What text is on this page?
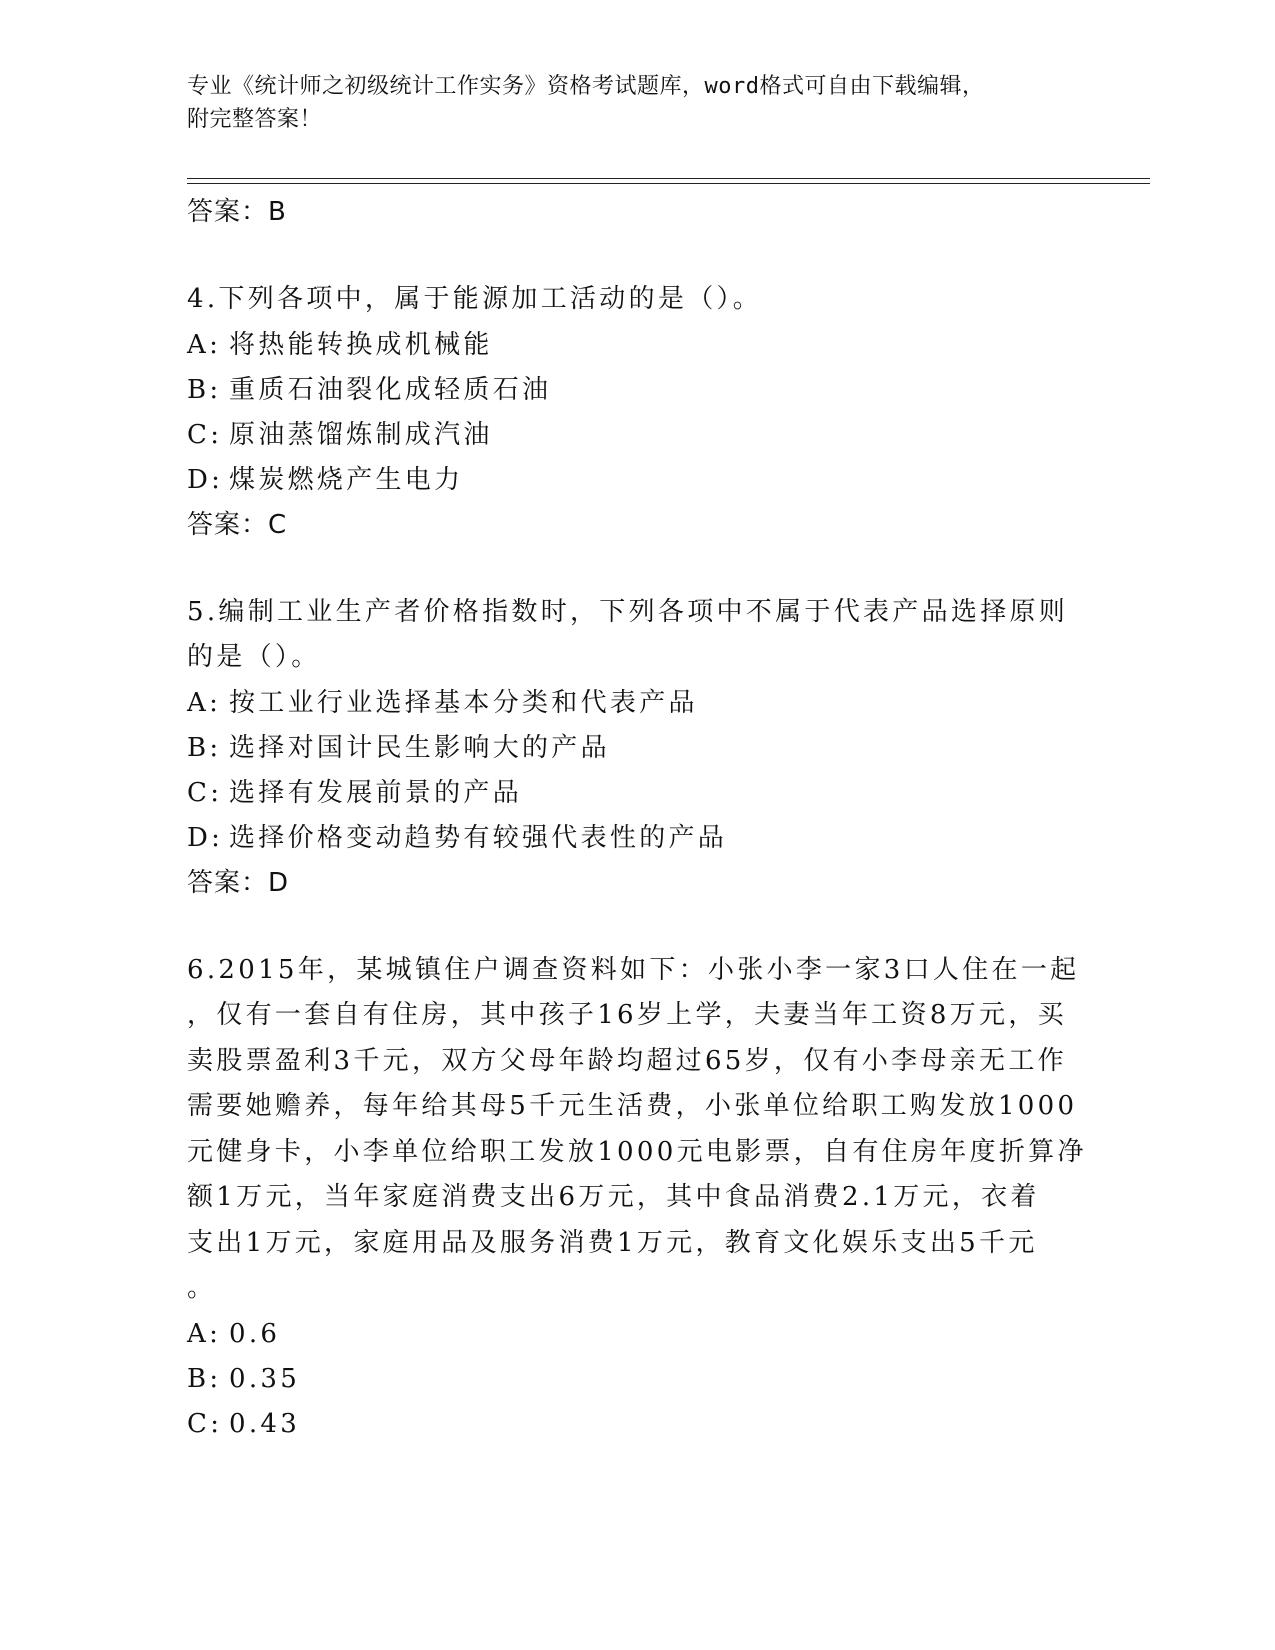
专业《统计师之初级统计工作实务》资格考试题库，word格式可自由下载编辑，
附完整答案！
答案：B

4.下列各项中，属于能源加工活动的是（）。

A: 将热能转换成机械能
B: 重质石油裂化成轻质石油
C: 原油蒸馏炼制成汽油
D: 煤炭燃烧产生电力
答案：C

5.编制工业生产者价格指数时，下列各项中不属于代表产品选择原则
的是（）。

A: 按工业行业选择基本分类和代表产品
B: 选择对国计民生影响大的产品
C: 选择有发展前景的产品
D: 选择价格变动趋势有较强代表性的产品
答案：D

6.2015年，某城镇住户调查资料如下：小张小李一家3口人住在一起
，仅有一套自有住房，其中孩子16岁上学，夫妻当年工资8万元，买
卖股票盈利3千元，双方父母年龄均超过65岁，仅有小李母亲无工作
需要她赡养，每年给其母5千元生活费，小张单位给职工购发放1000
元健身卡，小李单位给职工发放1000元电影票，自有住房年度折算净
额1万元，当年家庭消费支出6万元，其中食品消费2.1万元，衣着
支出1万元，家庭用品及服务消费1万元，教育文化娱乐支出5千元
。

A: 0.6
B: 0.35
C: 0.43
